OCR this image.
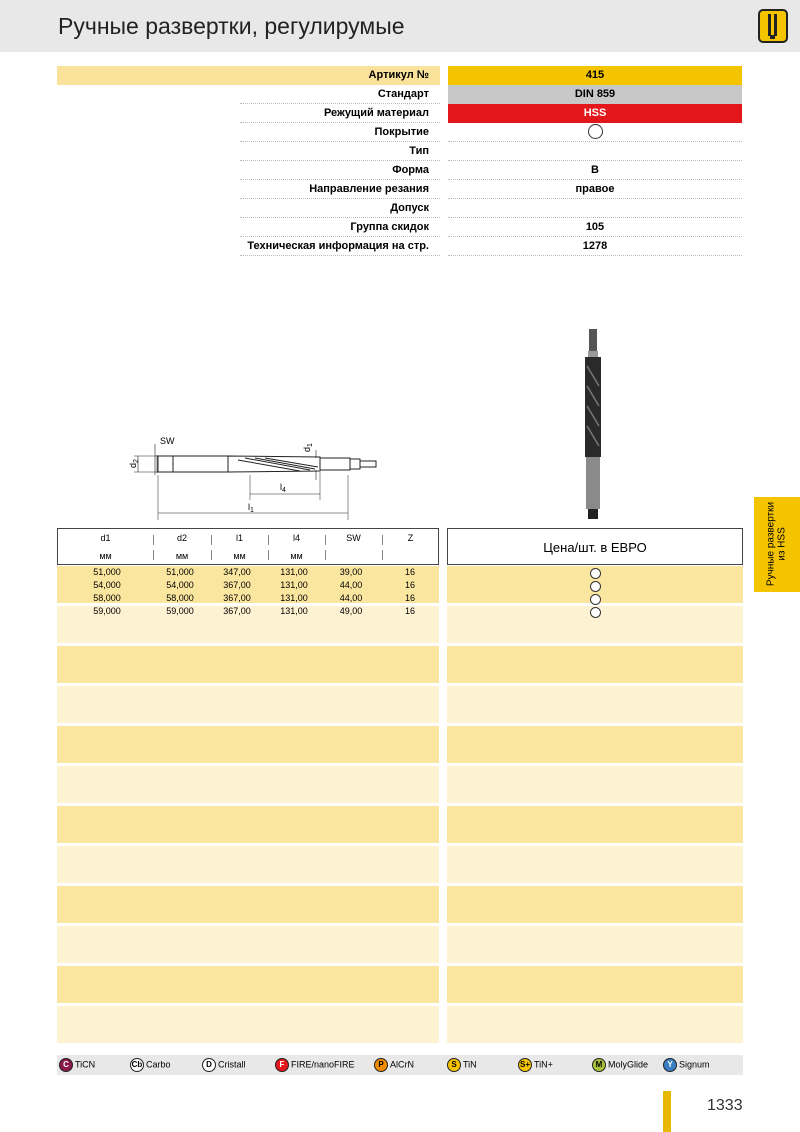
Ручные развертки, регулирумые
Артикул №	415
Стандарт	DIN 859
Режущий материал	HSS
Покрытие
Тип
Форма	B
Направление резания	правое
Допуск
Группа скидок	105
Техническая информация на стр.	1278
SW
$d_2$
$d_1$
$l_4$
$l_1$	Ручные развертки
из HSS
d1	d2	l1	l4	SW	Z
мм	мм	мм	мм
Цена/шт. в ЕВРО
51,000	51,000	347,00	131,00	39,00	16
54,000	54,000	367,00	131,00	44,00	16
58,000	58,000	367,00	131,00	44,00	16
59,000	59,000	367,00	131,00	49,00	16
C TiCN	Cb Carbo	D Cristall	F FIRE/nanoFIRE	P AlCrN	S TiN	S+ TiN+	M MolyGlide	Y Signum
1333
